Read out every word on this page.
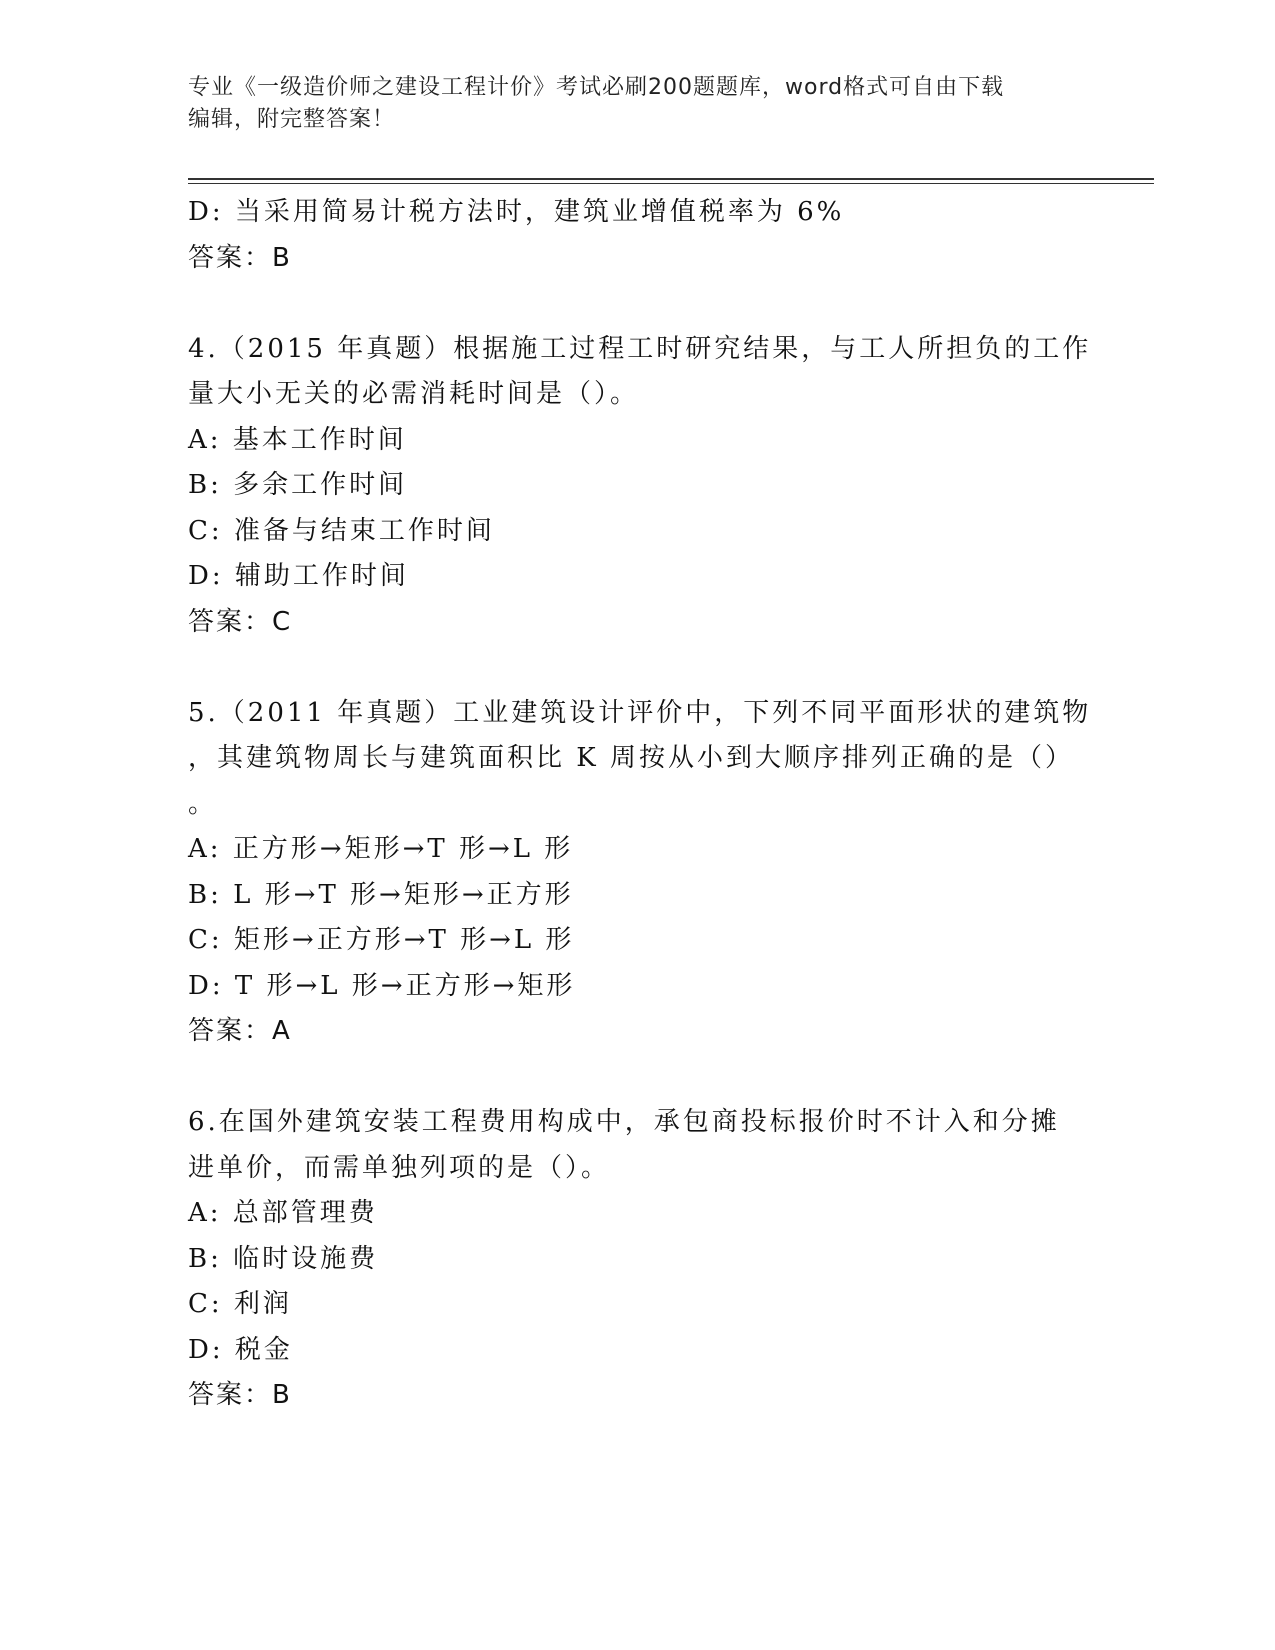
专业《一级造价师之建设工程计价》考试必刷200题题库，word格式可自由下载
编辑，附完整答案！
D: 当采用简易计税方法时，建筑业增值税率为 6%
答案：B
4.（2015 年真题）根据施工过程工时研究结果，与工人所担负的工作
量大小无关的必需消耗时间是（）。
A: 基本工作时间
B: 多余工作时间
C: 准备与结束工作时间
D: 辅助工作时间
答案：C
5.（2011 年真题）工业建筑设计评价中，下列不同平面形状的建筑物
，其建筑物周长与建筑面积比 K 周按从小到大顺序排列正确的是（）
。
A: 正方形→矩形→T 形→L 形
B: L 形→T 形→矩形→正方形
C: 矩形→正方形→T 形→L 形
D: T 形→L 形→正方形→矩形
答案：A
6.在国外建筑安装工程费用构成中，承包商投标报价时不计入和分摊
进单价，而需单独列项的是（）。
A: 总部管理费
B: 临时设施费
C: 利润
D: 税金
答案：B
